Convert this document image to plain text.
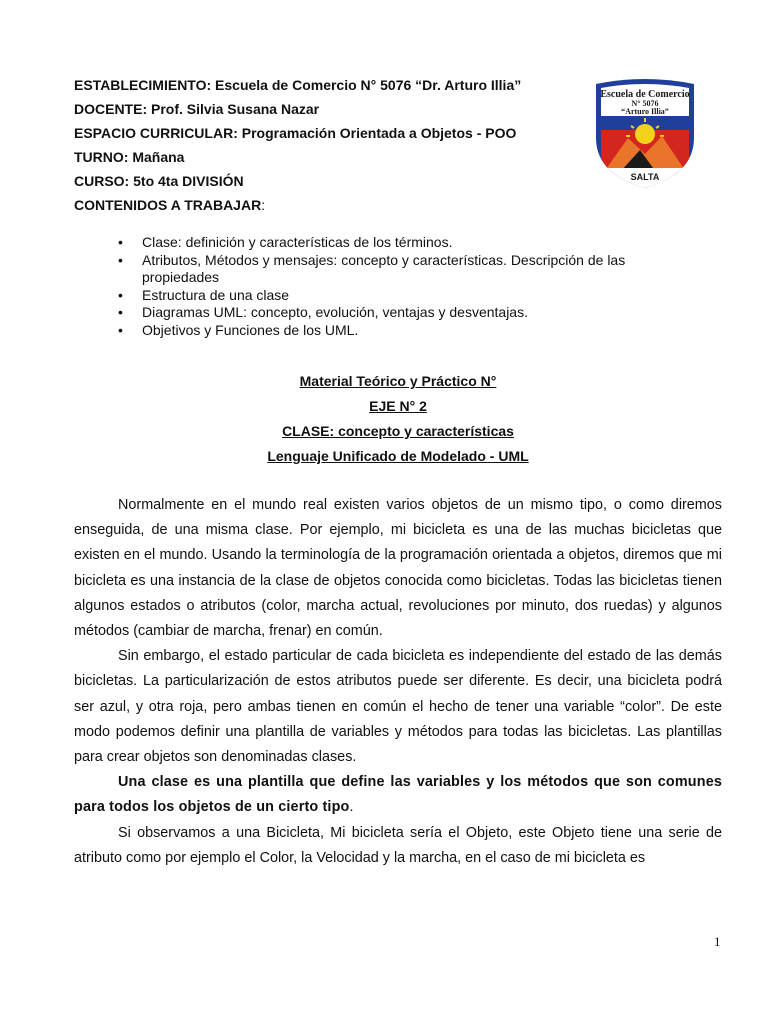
ESTABLECIMIENTO: Escuela de Comercio N° 5076 “Dr. Arturo Illia”
DOCENTE: Prof. Silvia Susana Nazar
ESPACIO CURRICULAR: Programación Orientada a Objetos - POO
TURNO: Mañana
CURSO: 5to 4ta DIVISIÓN
CONTENIDOS A TRABAJAR:
Escuela de Comercio
N° 5076
“Arturo Illia”
SALTA
• Clase: definición y características de los términos.
• Atributos, Métodos y mensajes: concepto y características. Descripción de las propiedades
• Estructura de una clase
• Diagramas UML: concepto, evolución, ventajas y desventajas.
• Objetivos y Funciones de los UML.
Material Teórico y Práctico N°
EJE N° 2
CLASE: concepto y características
Lenguaje Unificado de Modelado - UML

Normalmente en el mundo real existen varios objetos de un mismo tipo, o como diremos enseguida, de una misma clase. Por ejemplo, mi bicicleta es una de las muchas bicicletas que existen en el mundo. Usando la terminología de la programación orientada a objetos, diremos que mi bicicleta es una instancia de la clase de objetos conocida como bicicletas. Todas las bicicletas tienen algunos estados o atributos (color, marcha actual, revoluciones por minuto, dos ruedas) y algunos métodos (cambiar de marcha, frenar) en común.

Sin embargo, el estado particular de cada bicicleta es independiente del estado de las demás bicicletas. La particularización de estos atributos puede ser diferente. Es decir, una bicicleta podrá ser azul, y otra roja, pero ambas tienen en común el hecho de tener una variable “color”. De este modo podemos definir una plantilla de variables y métodos para todas las bicicletas. Las plantillas para crear objetos son denominadas clases.

Una clase es una plantilla que define las variables y los métodos que son comunes para todos los objetos de un cierto tipo.

Si observamos a una Bicicleta, Mi bicicleta sería el Objeto, este Objeto tiene una serie de atributo como por ejemplo el Color, la Velocidad y la marcha, en el caso de mi bicicleta es

1
